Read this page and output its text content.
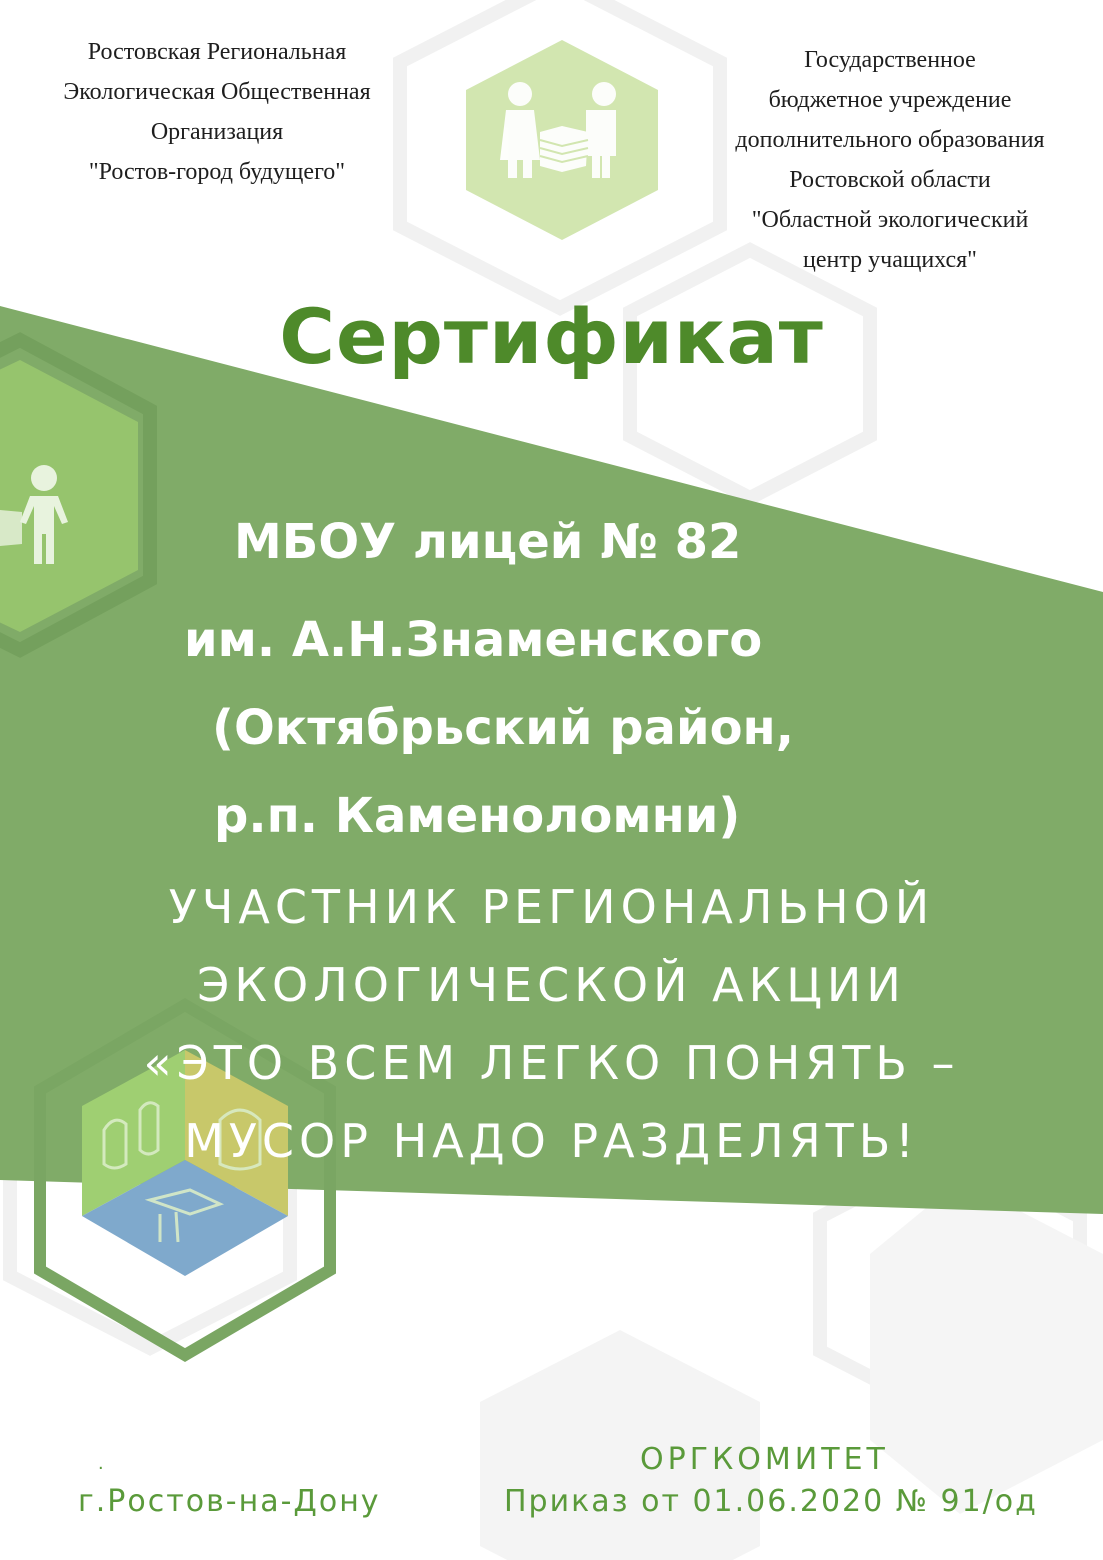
Ростовская Региональная
Экологическая Общественная
Организация
"Ростов-город будущего"
Государственное
бюджетное учреждение
дополнительного образования
Ростовской области
"Областной экологический
центр учащихся"
Сертификат
МБОУ лицей № 82
им. А.Н.Знаменского
(Октябрьский район,
р.п. Каменоломни)
УЧАСТНИК РЕГИОНАЛЬНОЙ
ЭКОЛОГИЧЕСКОЙ АКЦИИ
«ЭТО ВСЕМ ЛЕГКО ПОНЯТЬ –
МУСОР НАДО РАЗДЕЛЯТЬ!
.
г.Ростов-на-Дону
ОРГКОМИТЕТ
Приказ от 01.06.2020 № 91/од
